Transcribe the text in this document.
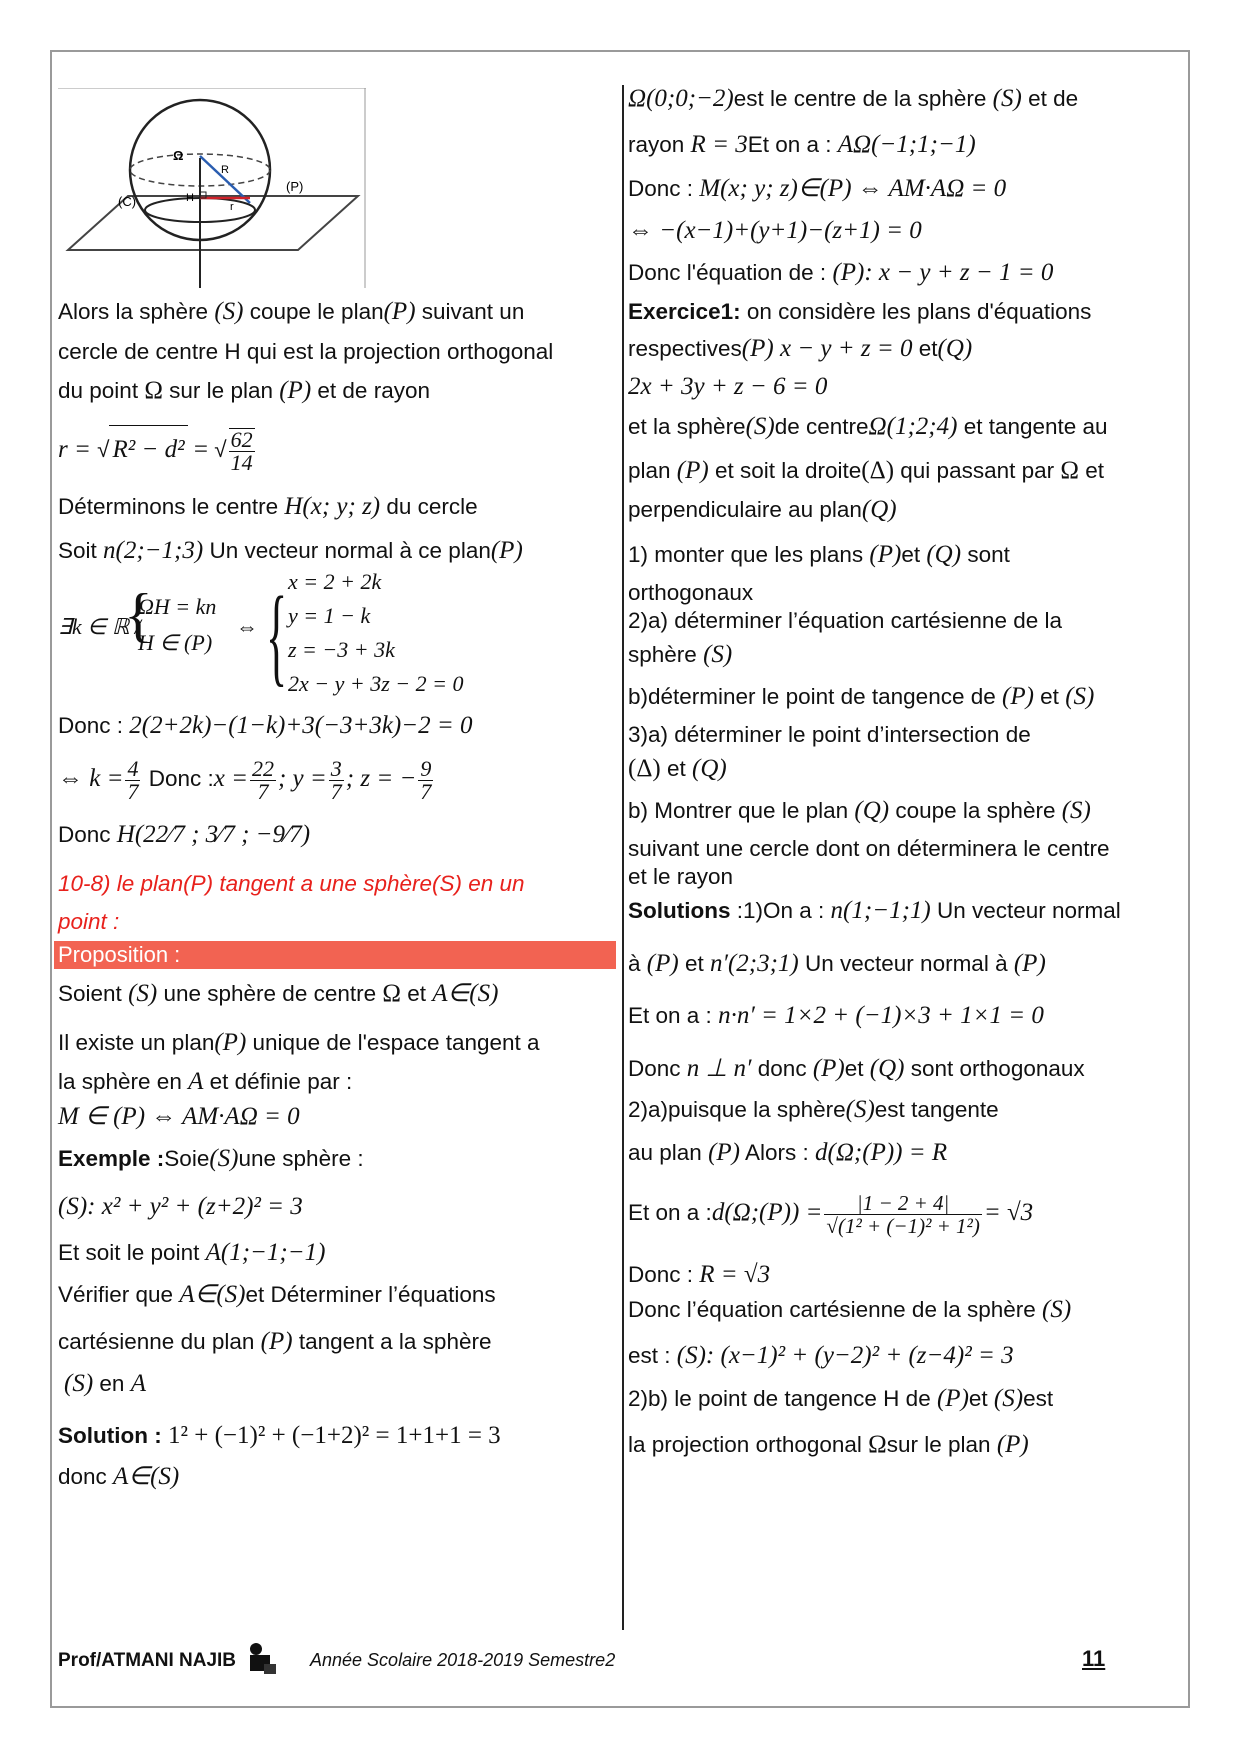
Ω
R
H
r
(C)
(P)
Alors la sphère (S) coupe le plan(P) suivant un
cercle de centre H qui est la projection orthogonal
du point Ω sur le plan (P) et de rayon
r = √ R² − d² = √ $\frac{62}{14}$
Déterminons le centre H(x; y; z) du cercle
Soit n(2;−1;3) Un vecteur normal à ce plan(P)
∃k ∈ ℝ /
{
ΩH = kn
H ∈ (P)
⇔ { x = 2 + 2k
y = 1 − k
z = −3 + 3k
2x − y + 3z − 2 = 0
Donc : 2(2+2k)−(1−k)+3(−3+3k)−2 = 0
⇔ $k = \frac{4}{7}$ Donc :x = $\frac{22}{7}$ ; $y = \frac{3}{7}$ ; z = − $\frac{9}{7}$
Donc H(22⁄7 ; 3⁄7 ; −9⁄7)
10-8) le plan(P) tangent a une sphère(S) en un
point :
Proposition :
Soient (S) une sphère de centre Ω et A∈(S)
Il existe un plan(P) unique de l'espace tangent a
la sphère en A et définie par :
M ∈ (P) ⇔ AM·AΩ = 0
Exemple :Soie(S)une sphère :
(S): x² + y² + (z+2)² = 3
Et soit le point A(1;−1;−1)
Vérifier que A∈(S)et Déterminer l’équations
cartésienne du plan (P) tangent a la sphère
(S) en A
Solution : 1² + (−1)² + (−1+2)² = 1+1+1 = 3
donc A∈(S)
Ω(0;0;−2)est le centre de la sphère (S) et de
rayon R = 3Et on a : AΩ(−1;1;−1)
Donc : M(x; y; z)∈(P) ⇔ AM·AΩ = 0
⇔ −(x−1)+(y+1)−(z+1) = 0
Donc l'équation de : (P): x − y + z − 1 = 0
Exercice1: on considère les plans d'équations
respectives(P) x − y + z = 0 et(Q)
2x + 3y + z − 6 = 0
et la sphère(S)de centreΩ(1;2;4) et tangente au
plan (P) et soit la droite(Δ) qui passant par Ω et
perpendiculaire au plan(Q)
1) monter que les plans (P)et (Q) sont
orthogonaux
2)a) déterminer l’équation cartésienne de la
sphère (S)
b)déterminer le point de tangence de (P) et (S)
3)a) déterminer le point d’intersection de
(Δ) et (Q)
b) Montrer que le plan (Q) coupe la sphère (S)
suivant une cercle dont on déterminera le centre
et le rayon
Solutions :1)On a : n(1;−1;1) Un vecteur normal
à (P) et n′(2;3;1) Un vecteur normal à (P)
Et on a : n·n′ = 1×2 + (−1)×3 + 1×1 = 0
Donc n ⊥ n′ donc (P)et (Q) sont orthogonaux
2)a)puisque la sphère(S)est tangente
au plan (P) Alors : d(Ω;(P)) = R
Et on a :d(Ω;(P)) = $\frac{|1 - 2 + 4|}{\text{√(1² + (−1)² + 1²)}} = √3$
Donc : R = √3
Donc l’équation cartésienne de la sphère (S)
est : (S): (x−1)² + (y−2)² + (z−4)² = 3
2)b) le point de tangence H de (P)et (S)est
la projection orthogonal Ωsur le plan (P)
Prof/ATMANI NAJIB	Année Scolaire 2018-2019 Semestre2	11
